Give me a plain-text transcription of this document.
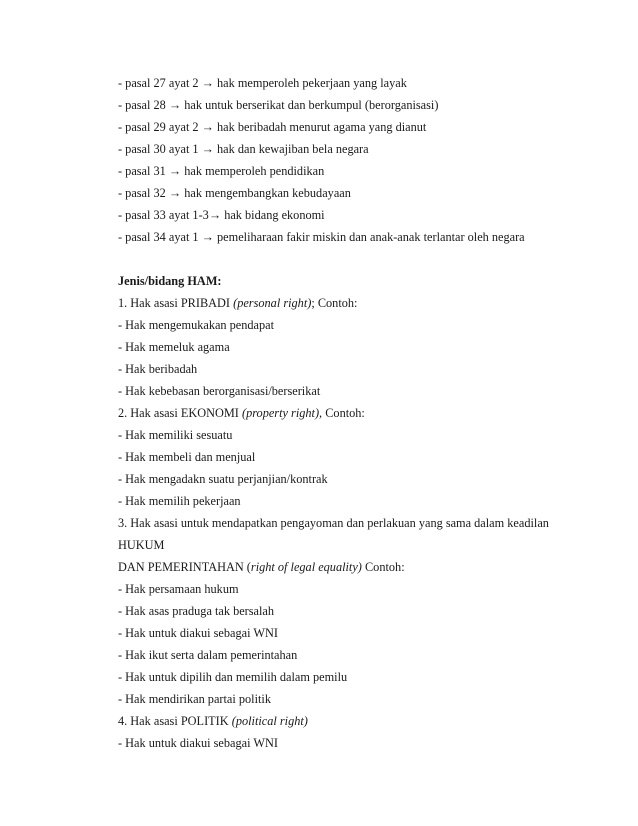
- pasal 27 ayat 2 → hak memperoleh pekerjaan yang layak
- pasal 28 → hak untuk berserikat dan berkumpul (berorganisasi)
- pasal 29 ayat 2 → hak beribadah menurut agama yang dianut
- pasal 30 ayat 1 → hak dan kewajiban bela negara
- pasal 31 → hak memperoleh pendidikan
- pasal 32 → hak mengembangkan kebudayaan
- pasal 33 ayat 1-3→ hak bidang ekonomi
- pasal 34 ayat 1 → pemeliharaan fakir miskin dan anak-anak terlantar oleh negara
Jenis/bidang HAM:
1. Hak asasi PRIBADI (personal right); Contoh:
- Hak mengemukakan pendapat
- Hak memeluk agama
- Hak beribadah
- Hak kebebasan berorganisasi/berserikat
2. Hak asasi EKONOMI (property right), Contoh:
- Hak memiliki sesuatu
- Hak membeli dan menjual
- Hak mengadakn suatu perjanjian/kontrak
- Hak memilih pekerjaan
3. Hak asasi untuk mendapatkan pengayoman dan perlakuan yang sama dalam keadilan
HUKUM
DAN PEMERINTAHAN (right of legal equality) Contoh:
- Hak persamaan hukum
- Hak asas praduga tak bersalah
- Hak untuk diakui sebagai WNI
- Hak ikut serta dalam pemerintahan
- Hak untuk dipilih dan memilih dalam pemilu
- Hak mendirikan partai politik
4. Hak asasi POLITIK (political right)
- Hak untuk diakui sebagai WNI
